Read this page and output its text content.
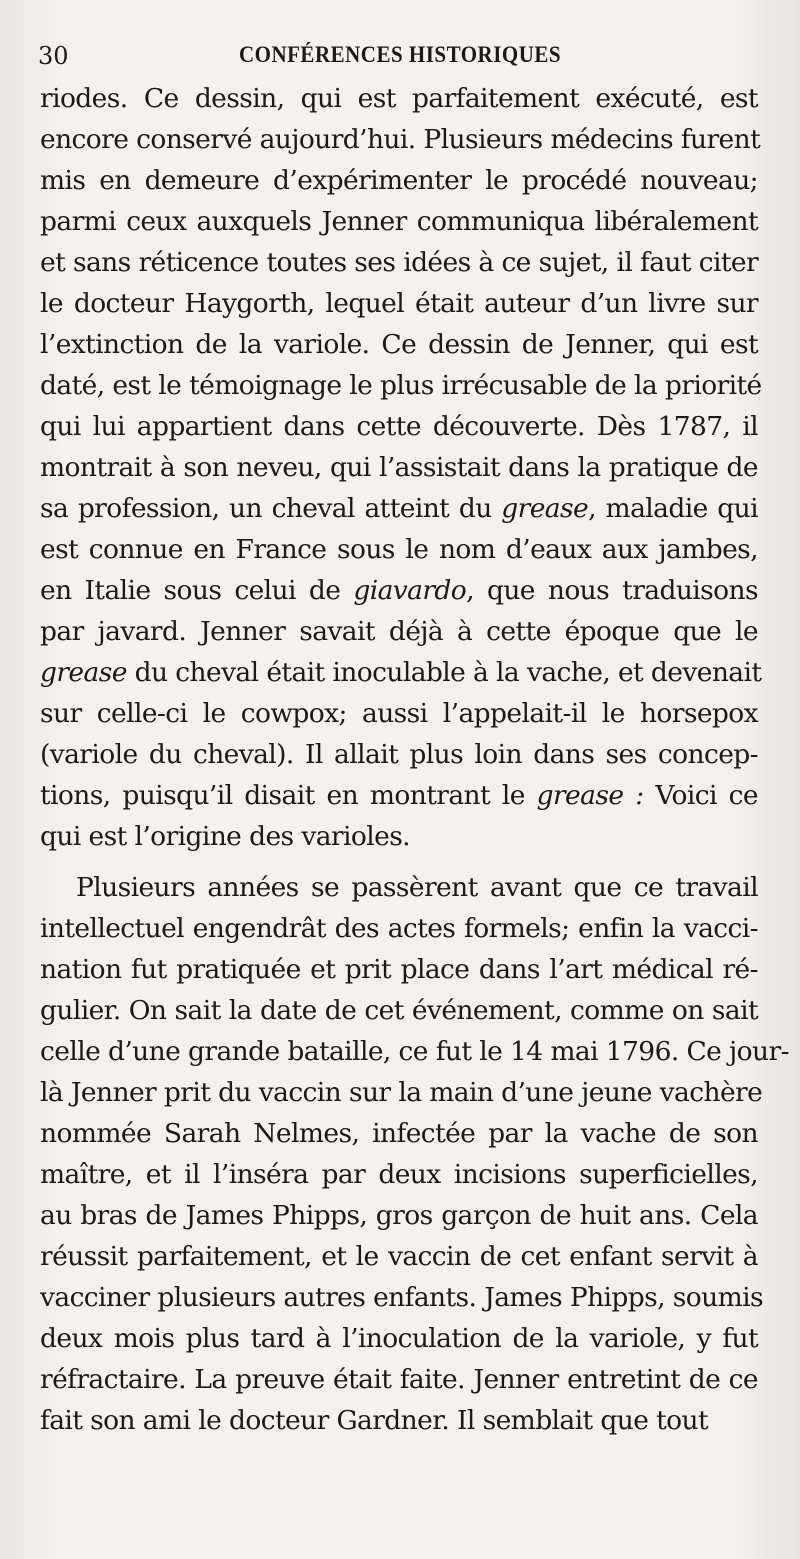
30	CONFÉRENCES HISTORIQUES
riodes. Ce dessin, qui est parfaitement exécuté, est
encore conservé aujourd’hui. Plusieurs médecins furent
mis en demeure d’expérimenter le procédé nouveau;
parmi ceux auxquels Jenner communiqua libéralement
et sans réticence toutes ses idées à ce sujet, il faut citer
le docteur Haygorth, lequel était auteur d’un livre sur
l’extinction de la variole. Ce dessin de Jenner, qui est
daté, est le témoignage le plus irrécusable de la priorité
qui lui appartient dans cette découverte. Dès 1787, il
montrait à son neveu, qui l’assistait dans la pratique de
sa profession, un cheval atteint du grease, maladie qui
est connue en France sous le nom d’eaux aux jambes,
en Italie sous celui de giavardo, que nous traduisons
par javard. Jenner savait déjà à cette époque que le
grease du cheval était inoculable à la vache, et devenait
sur celle-ci le cowpox; aussi l’appelait-il le horsepox
(variole du cheval). Il allait plus loin dans ses concep-
tions, puisqu’il disait en montrant le grease : Voici ce
qui est l’origine des varioles.
Plusieurs années se passèrent avant que ce travail
intellectuel engendrât des actes formels; enfin la vacci-
nation fut pratiquée et prit place dans l’art médical ré-
gulier. On sait la date de cet événement, comme on sait
celle d’une grande bataille, ce fut le 14 mai 1796. Ce jour-
là Jenner prit du vaccin sur la main d’une jeune vachère
nommée Sarah Nelmes, infectée par la vache de son
maître, et il l’inséra par deux incisions superficielles,
au bras de James Phipps, gros garçon de huit ans. Cela
réussit parfaitement, et le vaccin de cet enfant servit à
vacciner plusieurs autres enfants. James Phipps, soumis
deux mois plus tard à l’inoculation de la variole, y fut
réfractaire. La preuve était faite. Jenner entretint de ce
fait son ami le docteur Gardner. Il semblait que tout
